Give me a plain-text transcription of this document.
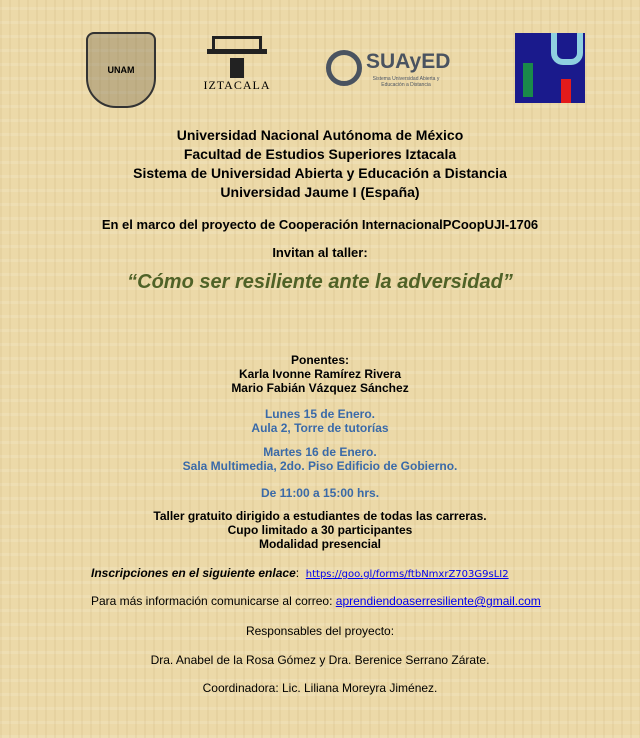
UNAM
IZTACALA
SUAyED
Sistema Universidad Abierta y Educación a Distancia
Universidad Nacional Autónoma de México
Facultad de Estudios Superiores Iztacala
Sistema de Universidad Abierta y Educación a Distancia
Universidad Jaume I (España)
En el marco del proyecto de Cooperación InternacionalPCoopUJI-1706
Invitan al taller:
“Cómo ser resiliente ante la adversidad”
Ponentes:
Karla Ivonne Ramírez Rivera
Mario Fabián Vázquez Sánchez
Lunes 15 de Enero.
Aula 2, Torre de tutorías
Martes 16 de Enero.
Sala Multimedia, 2do. Piso Edificio de Gobierno.
De 11:00 a 15:00 hrs.
Taller gratuito dirigido a estudiantes de todas las carreras.
Cupo limitado a 30 participantes
Modalidad presencial
Inscripciones en el siguiente enlace:  https://goo.gl/forms/ftbNmxrZ703G9sLI2
Para más información comunicarse al correo: aprendiendoaserresiliente@gmail.com
Responsables del proyecto:
Dra. Anabel de la Rosa Gómez y Dra. Berenice Serrano Zárate.
Coordinadora: Lic. Liliana Moreyra Jiménez.
